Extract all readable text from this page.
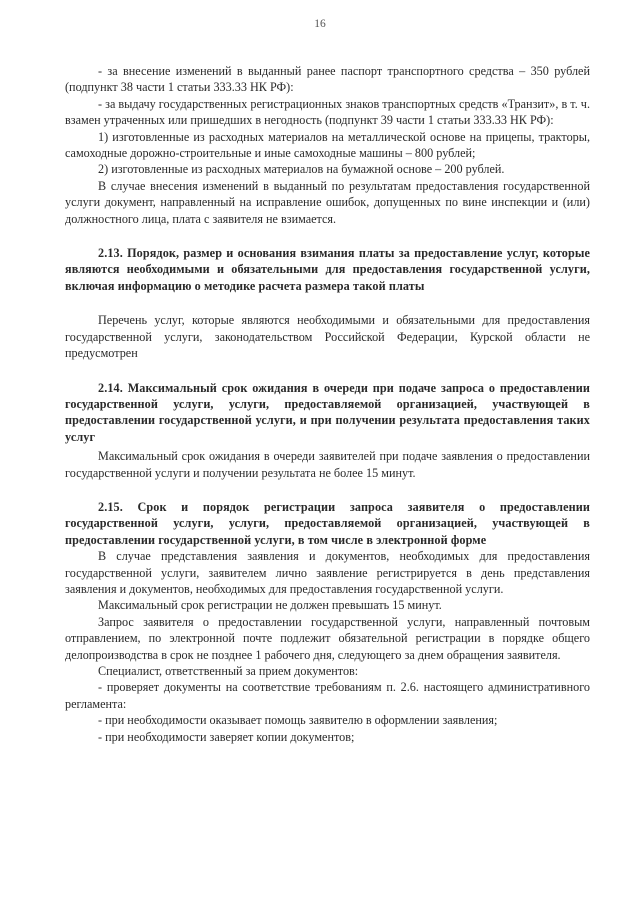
16

- за внесение изменений в выданный ранее паспорт транспортного средства – 350 рублей (подпункт 38 части 1 статьи 333.33 НК РФ):

- за выдачу государственных регистрационных знаков транспортных средств «Транзит», в т. ч. взамен утраченных или пришедших в негодность (подпункт 39 части 1 статьи 333.33 НК РФ):

1) изготовленные из расходных материалов на металлической основе на прицепы, тракторы, самоходные дорожно-строительные и иные самоходные машины – 800 рублей;

2) изготовленные из расходных материалов на бумажной основе – 200 рублей.

В случае внесения изменений в выданный по результатам предоставления государственной услуги документ, направленный на исправление ошибок, допущенных по вине инспекции и (или) должностного лица, плата с заявителя не взимается.

2.13. Порядок, размер и основания взимания платы за предоставление услуг, которые являются необходимыми и обязательными для предоставления государственной услуги, включая информацию о методике расчета размера такой платы

Перечень услуг, которые являются необходимыми и обязательными для предоставления государственной услуги, законодательством Российской Федерации, Курской области не предусмотрен

2.14. Максимальный срок ожидания в очереди при подаче запроса о предоставлении государственной услуги, услуги, предоставляемой организацией, участвующей в предоставлении государственной услуги, и при получении результата предоставления таких услуг

Максимальный срок ожидания в очереди заявителей при подаче заявления о предоставлении государственной услуги и получении результата не более 15 минут.

2.15. Срок и порядок регистрации запроса заявителя о предоставлении государственной услуги, услуги, предоставляемой организацией, участвующей в предоставлении государственной услуги, в том числе в электронной форме

В случае представления заявления и документов, необходимых для предоставления государственной услуги, заявителем лично заявление регистрируется в день представления заявления и документов, необходимых для предоставления государственной услуги.

Максимальный срок регистрации не должен превышать 15 минут.

Запрос заявителя о предоставлении государственной услуги, направленный почтовым отправлением, по электронной почте подлежит обязательной регистрации в порядке общего делопроизводства в срок не позднее 1 рабочего дня, следующего за днем обращения заявителя.

Специалист, ответственный за прием документов:

- проверяет документы на соответствие требованиям п. 2.6. настоящего административного регламента:

- при необходимости оказывает помощь заявителю в оформлении заявления;

- при необходимости заверяет копии документов;
